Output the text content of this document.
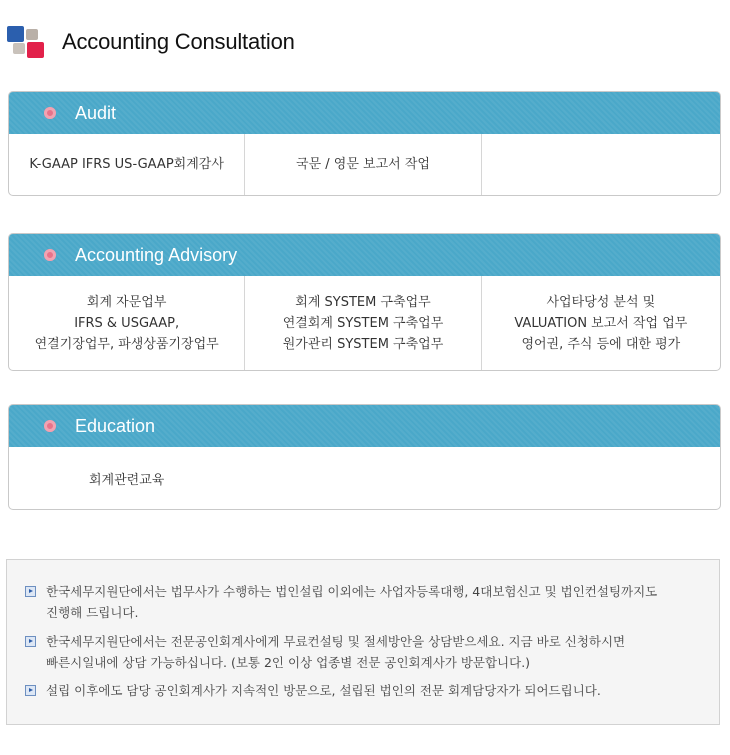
Accounting Consultation
Audit
K-GAAP IFRS US-GAAP회계감사	국문 / 영문 보고서 작업
Accounting Advisory
회계 자문업부
IFRS & USGAAP,
연결기장업무, 파생상품기장업무
회계 SYSTEM 구축업무
연결회계 SYSTEM 구축업무
원가관리 SYSTEM 구축업무
사업타당성 분석 및
VALUATION 보고서 작업 업무
영어권, 주식 등에 대한 평가
Education
회계관련교육
한국세무지원단에서는 법무사가 수행하는 법인설립 이외에는 사업자등록대행, 4대보험신고 및 법인컨설팅까지도
진행해 드립니다.
한국세무지원단에서는 전문공인회계사에게 무료컨설팅 및 절세방안을 상담받으세요. 지금 바로 신청하시면
빠른시일내에 상담 가능하십니다. (보통 2인 이상 업종별 전문 공인회계사가 방문합니다.)
설립 이후에도 담당 공인회계사가 지속적인 방문으로, 설립된 법인의 전문 회계담당자가 되어드립니다.
